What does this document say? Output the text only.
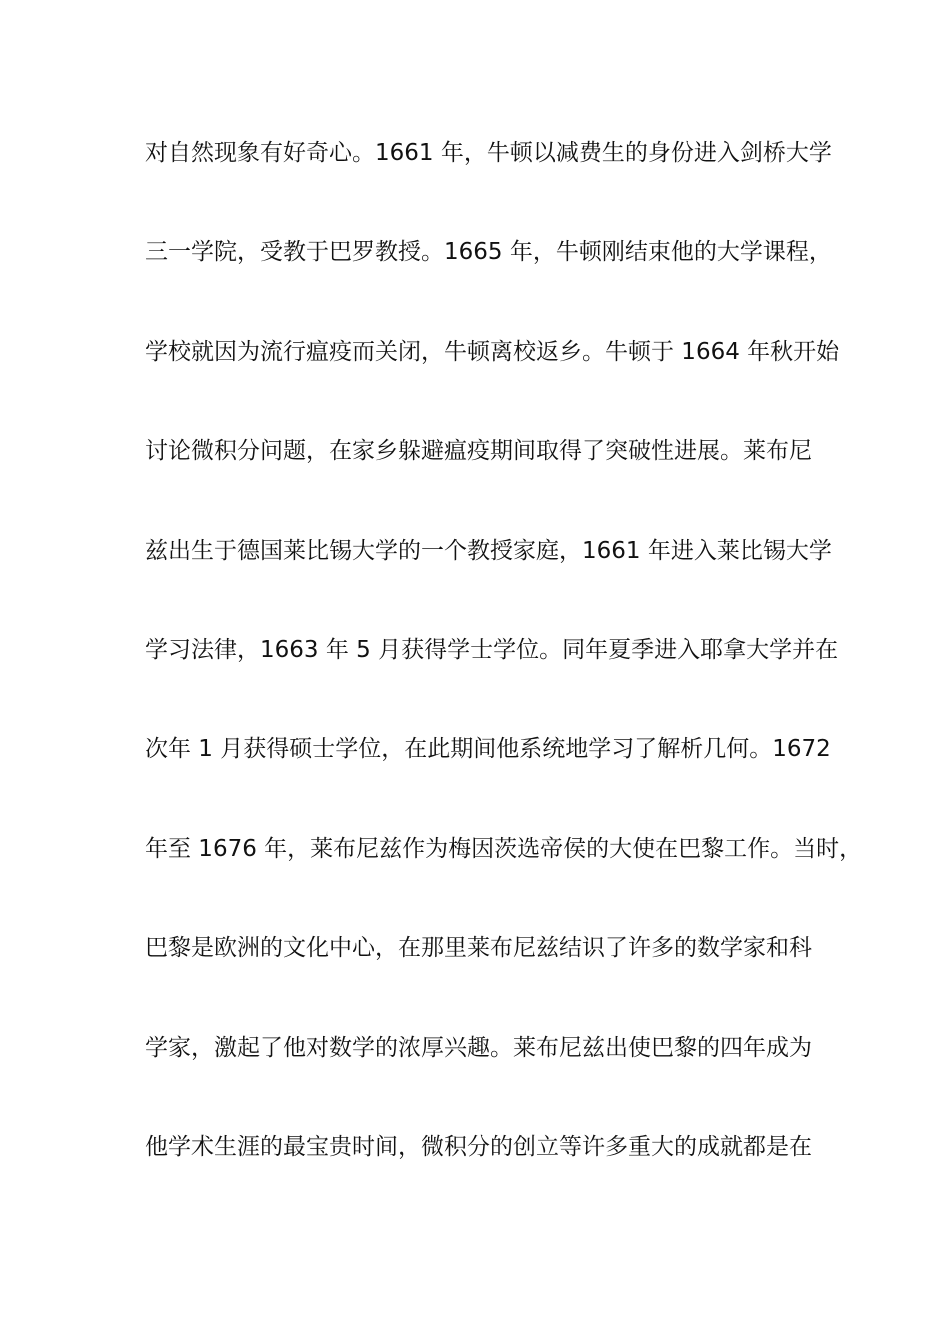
对自然现象有好奇心。1661 年，牛顿以减费生的身份进入剑桥大学
三一学院，受教于巴罗教授。1665 年，牛顿刚结束他的大学课程，
学校就因为流行瘟疫而关闭，牛顿离校返乡。牛顿于 1664 年秋开始
讨论微积分问题，在家乡躲避瘟疫期间取得了突破性进展。莱布尼
兹出生于德国莱比锡大学的一个教授家庭，1661 年进入莱比锡大学
学习法律，1663 年 5 月获得学士学位。同年夏季进入耶拿大学并在
次年 1 月获得硕士学位，在此期间他系统地学习了解析几何。1672
年至 1676 年，莱布尼兹作为梅因茨选帝侯的大使在巴黎工作。当时，
巴黎是欧洲的文化中心，在那里莱布尼兹结识了许多的数学家和科
学家，激起了他对数学的浓厚兴趣。莱布尼兹出使巴黎的四年成为
他学术生涯的最宝贵时间，微积分的创立等许多重大的成就都是在
